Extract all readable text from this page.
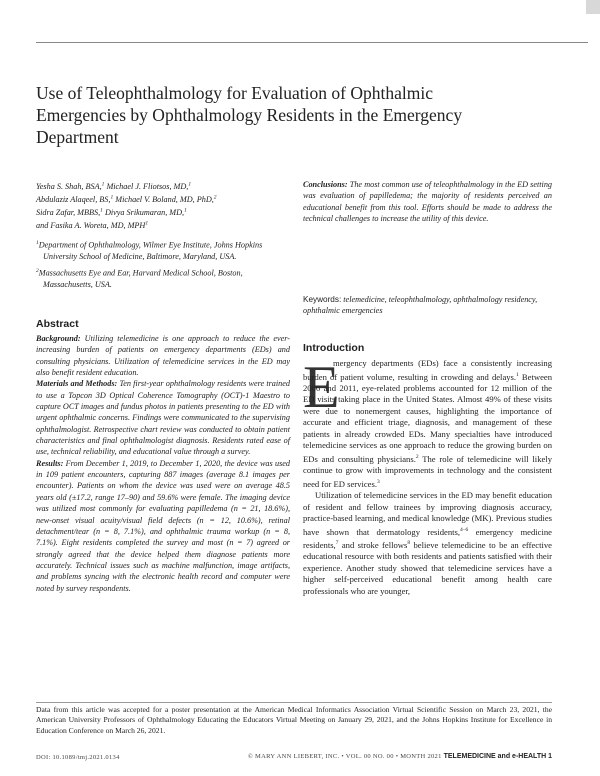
Use of Teleophthalmology for Evaluation of Ophthalmic Emergencies by Ophthalmology Residents in the Emergency Department
Yesha S. Shah, BSA,$^1$ Michael J. Fliotsos, MD,$^1$
Abdulaziz Alaqeel, BS,$^1$ Michael V. Boland, MD, PhD,$^2$
Sidra Zafar, MBBS,$^1$ Divya Srikumaran, MD,$^1$
and Fasika A. Woreta, MD, MPH$^1$

$^1$Department of Ophthalmology, Wilmer Eye Institute, Johns Hopkins University School of Medicine, Baltimore, Maryland, USA.

$^2$Massachusetts Eye and Ear, Harvard Medical School, Boston, Massachusetts, USA.

Abstract

Background: Utilizing telemedicine is one approach to reduce the ever-increasing burden of patients on emergency departments (EDs) and consulting physicians. Utilization of telemedicine services in the ED may also benefit resident education.

Materials and Methods: Ten first-year ophthalmology residents were trained to use a Topcon 3D Optical Coherence Tomography (OCT)-1 Maestro to capture OCT images and fundus photos in patients presenting to the ED with urgent ophthalmic concerns. Findings were communicated to the supervising ophthalmologist. Retrospective chart review was conducted to obtain patient characteristics and final ophthalmologist diagnosis. Residents rated ease of use, technical reliability, and educational value through a survey.

Results: From December 1, 2019, to December 1, 2020, the device was used in 109 patient encounters, capturing 887 images (average 8.1 images per encounter). Patients on whom the device was used were on average 48.5 years old (±17.2, range 17–90) and 59.6% were female. The imaging device was utilized most commonly for evaluating papilledema (n = 21, 18.6%), new-onset visual acuity/visual field defects (n = 12, 10.6%), retinal detachment/tear (n = 8, 7.1%), and ophthalmic trauma workup (n = 8, 7.1%). Eight residents completed the survey and most (n = 7) agreed or strongly agreed that the device helped them diagnose patients more accurately. Technical issues such as machine malfunction, image artifacts, and problems syncing with the electronic health record and computer were noted by survey respondents.

Conclusions: The most common use of teleophthalmology in the ED setting was evaluation of papilledema; the majority of residents perceived an educational benefit from this tool. Efforts should be made to address the technical challenges to increase the utility of this device.

Keywords: telemedicine, teleophthalmology, ophthalmology residency, ophthalmic emergencies
Introduction
E

mergency departments (EDs) face a consistently increasing burden of patient volume, resulting in crowding and delays.$^1$ Between 2006 and 2011, eye-related problems accounted for 12 million of the ED visits taking place in the United States. Almost 49% of these visits were due to nonemergent causes, highlighting the importance of accurate and efficient triage, diagnosis, and management of these patients in already crowded EDs. Many specialties have introduced telemedicine services as one approach to reduce the growing burden on EDs and consulting physicians.$^2$ The role of telemedicine will likely continue to grow with improvements in technology and the consistent need for ED services.$^3$

Utilization of telemedicine services in the ED may benefit education of resident and fellow trainees by improving diagnosis accuracy, practice-based learning, and medical knowledge (MK). Previous studies have shown that dermatology residents,$^{4-6}$ emergency medicine residents,$^7$ and stroke fellows$^8$ believe telemedicine to be an effective educational resource with both residents and patients satisfied with their experience. Another study showed that telemedicine services have a higher self-perceived educational benefit among health care professionals who are younger,

Data from this article was accepted for a poster presentation at the American Medical Informatics Association Virtual Scientific Session on March 23, 2021, the American University Professors of Ophthalmology Educating the Educators Virtual Meeting on January 29, 2021, and the Johns Hopkins Institute for Excellence in Education Conference on March 26, 2021.
DOI: 10.1089/tmj.2021.0134	© MARY ANN LIEBERT, INC. • VOL. 00 NO. 00 • MONTH 2021 TELEMEDICINE and e-HEALTH 1
